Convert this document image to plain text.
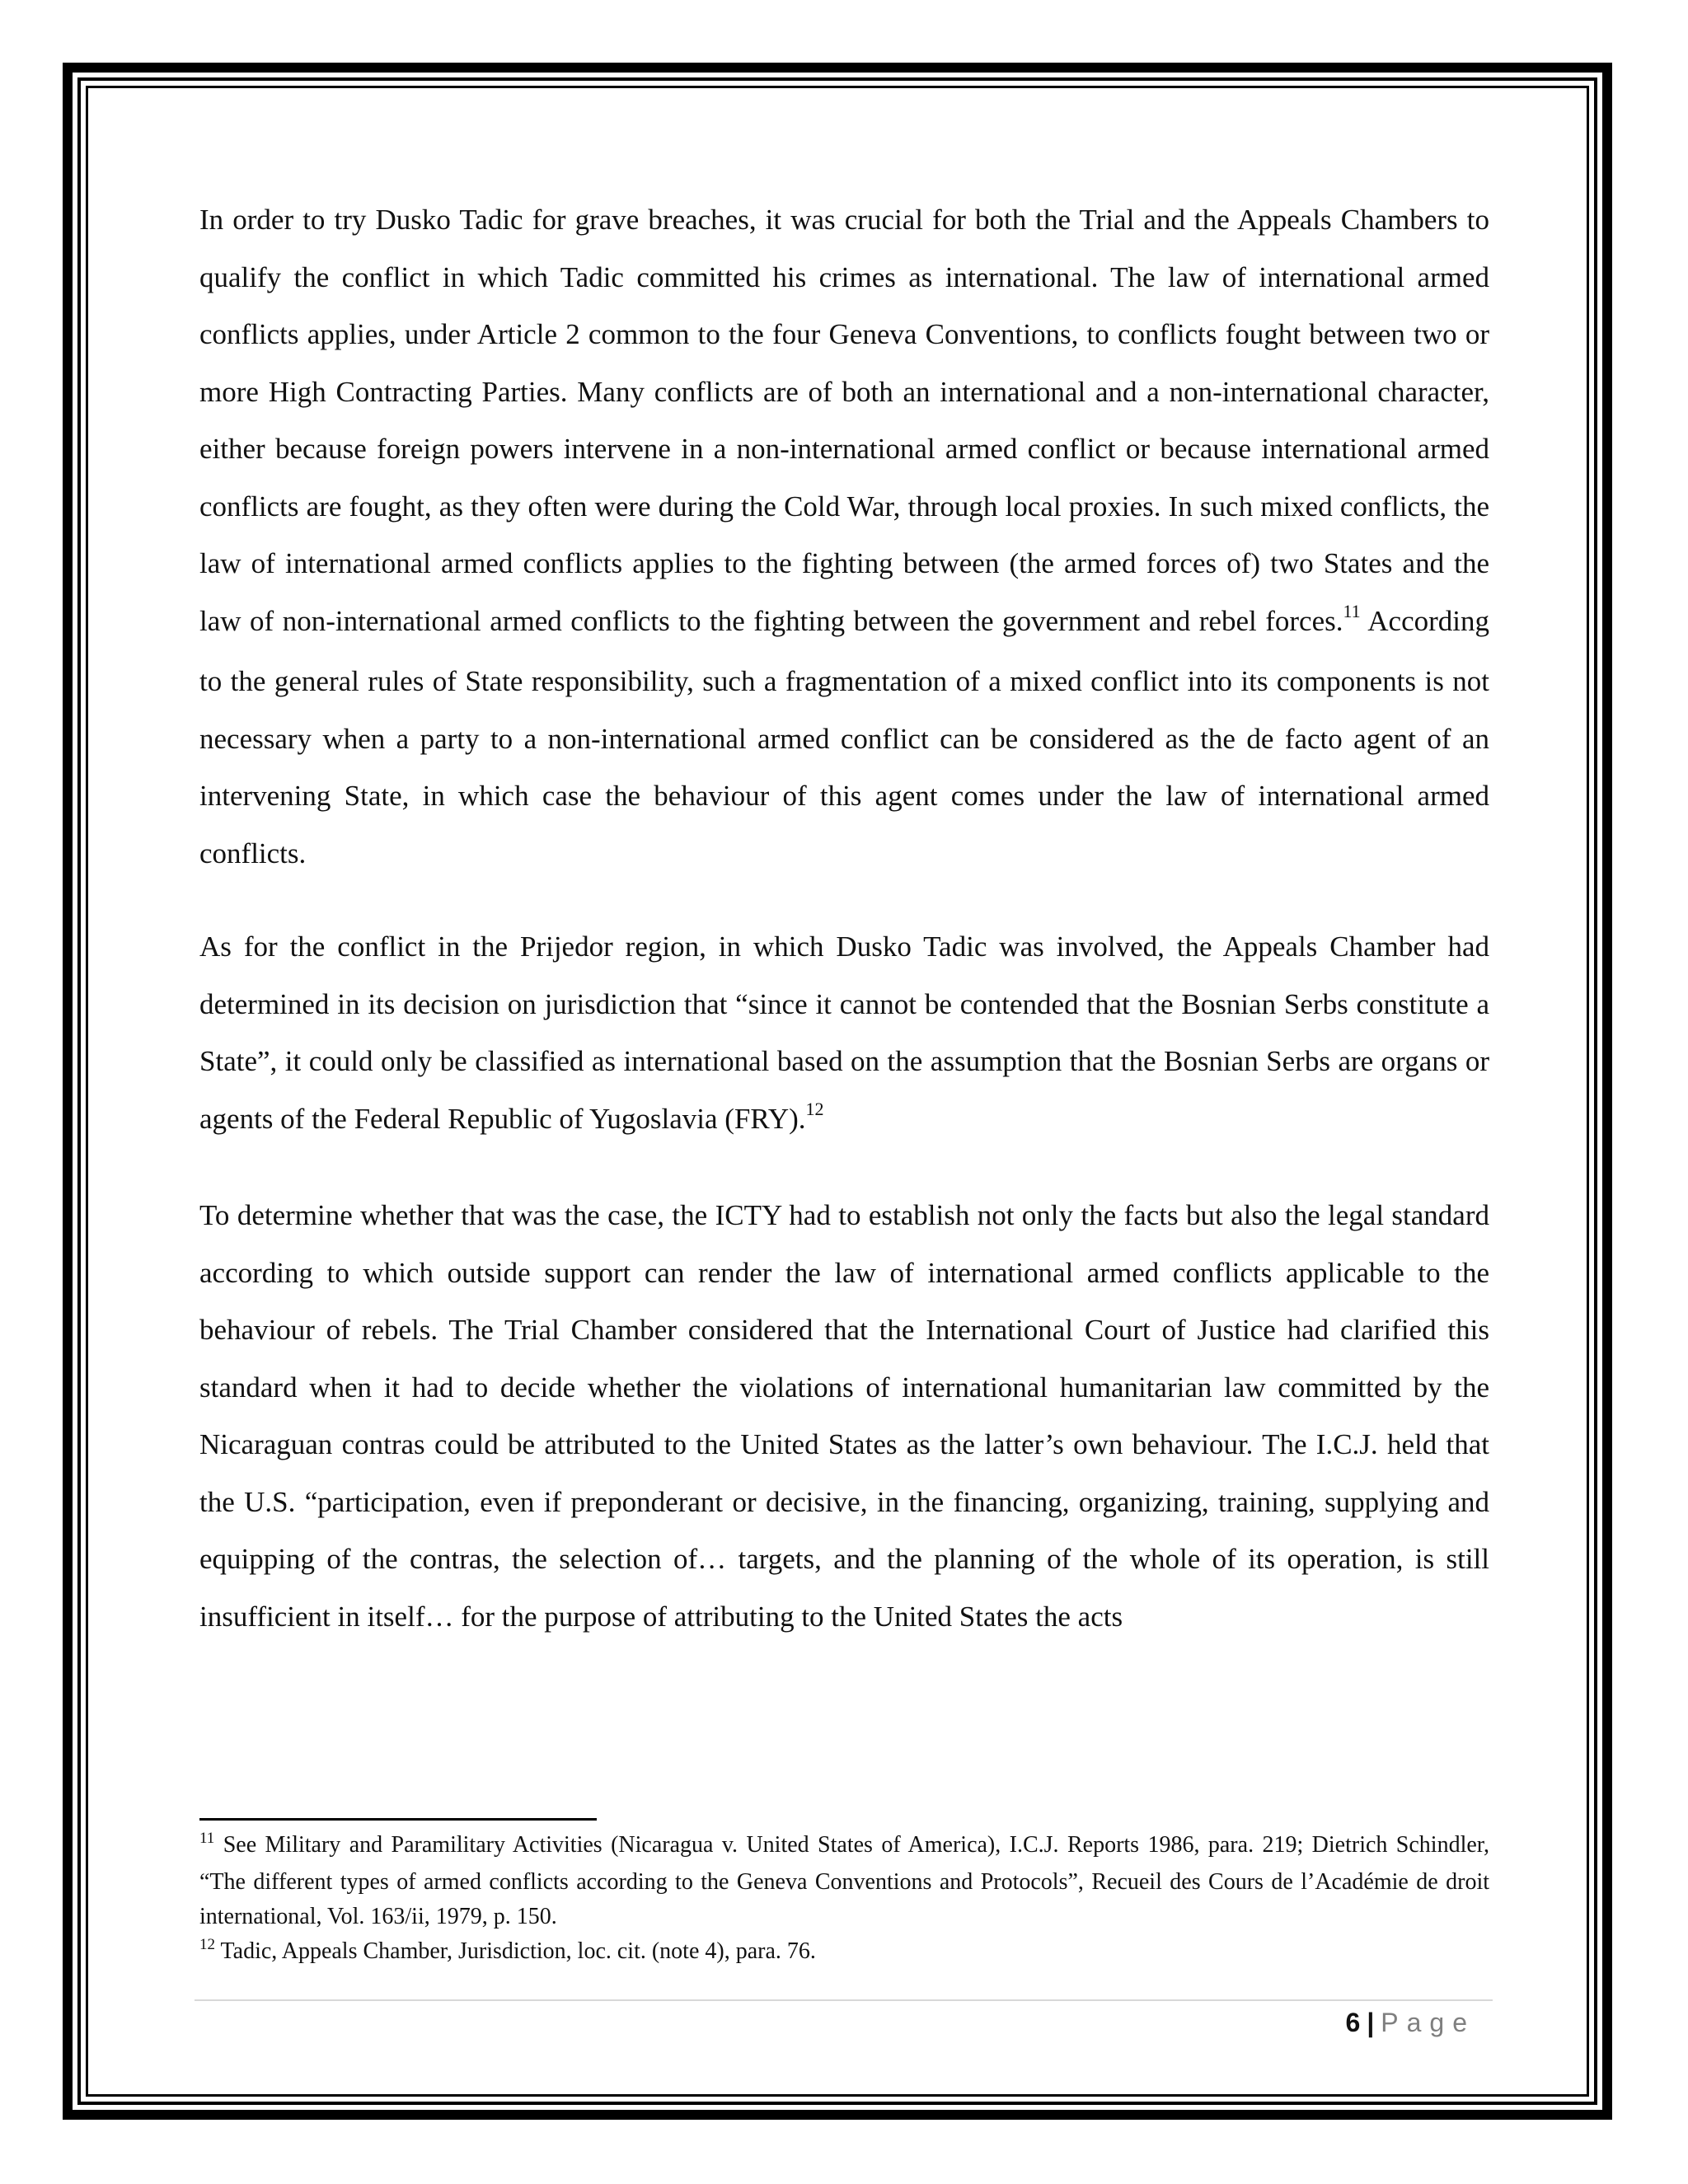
In order to try Dusko Tadic for grave breaches, it was crucial for both the Trial and the Appeals Chambers to qualify the conflict in which Tadic committed his crimes as international. The law of international armed conflicts applies, under Article 2 common to the four Geneva Conventions, to conflicts fought between two or more High Contracting Parties. Many conflicts are of both an international and a non-international character, either because foreign powers intervene in a non-international armed conflict or because international armed conflicts are fought, as they often were during the Cold War, through local proxies. In such mixed conflicts, the law of international armed conflicts applies to the fighting between (the armed forces of) two States and the law of non-international armed conflicts to the fighting between the government and rebel forces.$^{11}$ According to the general rules of State responsibility, such a fragmentation of a mixed conflict into its components is not necessary when a party to a non-international armed conflict can be considered as the de facto agent of an intervening State, in which case the behaviour of this agent comes under the law of international armed conflicts.

As for the conflict in the Prijedor region, in which Dusko Tadic was involved, the Appeals Chamber had determined in its decision on jurisdiction that “since it cannot be contended that the Bosnian Serbs constitute a State”, it could only be classified as international based on the assumption that the Bosnian Serbs are organs or agents of the Federal Republic of Yugoslavia (FRY).$^{12}$

To determine whether that was the case, the ICTY had to establish not only the facts but also the legal standard according to which outside support can render the law of international armed conflicts applicable to the behaviour of rebels. The Trial Chamber considered that the International Court of Justice had clarified this standard when it had to decide whether the violations of international humanitarian law committed by the Nicaraguan contras could be attributed to the United States as the latter’s own behaviour. The I.C.J. held that the U.S. “participation, even if preponderant or decisive, in the financing, organizing, training, supplying and equipping of the contras, the selection of… targets, and the planning of the whole of its operation, is still insufficient in itself… for the purpose of attributing to the United States the acts

$^{11}$ See Military and Paramilitary Activities (Nicaragua v. United States of America), I.C.J. Reports 1986, para. 219; Dietrich Schindler, “The different types of armed conflicts according to the Geneva Conventions and Protocols”, Recueil des Cours de l’Académie de droit international, Vol. 163/ii, 1979, p. 150.

$^{12}$ Tadic, Appeals Chamber, Jurisdiction, loc. cit. (note 4), para. 76.

6 | Page
